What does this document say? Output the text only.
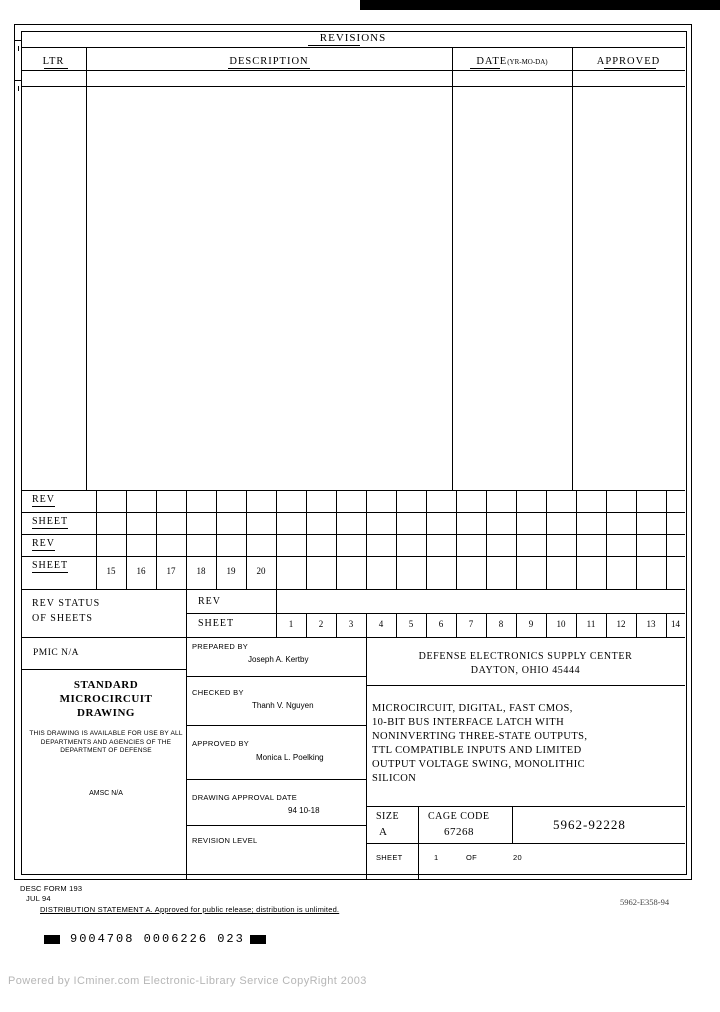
REVISIONS
LTR	DESCRIPTION	DATE(YR-MO-DA)	APPROVED
REV
SHEET
REV
SHEET	15	16	17	18	19	20
REV STATUS
OF SHEETS
REV
SHEET	1	2	3	4	5	6	7	8	9	10	11	12	13	14
PMIC N/A
STANDARD
MICROCIRCUIT
DRAWING
THIS DRAWING IS AVAILABLE FOR USE BY ALL DEPARTMENTS AND AGENCIES OF THE DEPARTMENT OF DEFENSE
AMSC N/A
PREPARED BY
Joseph A. Kertby
CHECKED BY
Thanh V. Nguyen
APPROVED BY
Monica L. Poelking
DRAWING APPROVAL DATE
94 10-18
REVISION LEVEL
DEFENSE ELECTRONICS SUPPLY CENTER
DAYTON, OHIO 45444
MICROCIRCUIT, DIGITAL, FAST CMOS,
10-BIT BUS INTERFACE LATCH WITH
NONINVERTING THREE-STATE OUTPUTS,
TTL COMPATIBLE INPUTS AND LIMITED
OUTPUT VOLTAGE SWING, MONOLITHIC
SILICON
SIZE
A
CAGE CODE
67268	5962-92228
SHEET	1	OF	20
DESC FORM 193
JUL 94
DISTRIBUTION STATEMENT A. Approved for public release; distribution is unlimited.
5962-E358-94
9004708 0006226 023
Powered by ICminer.com Electronic-Library Service CopyRight 2003
